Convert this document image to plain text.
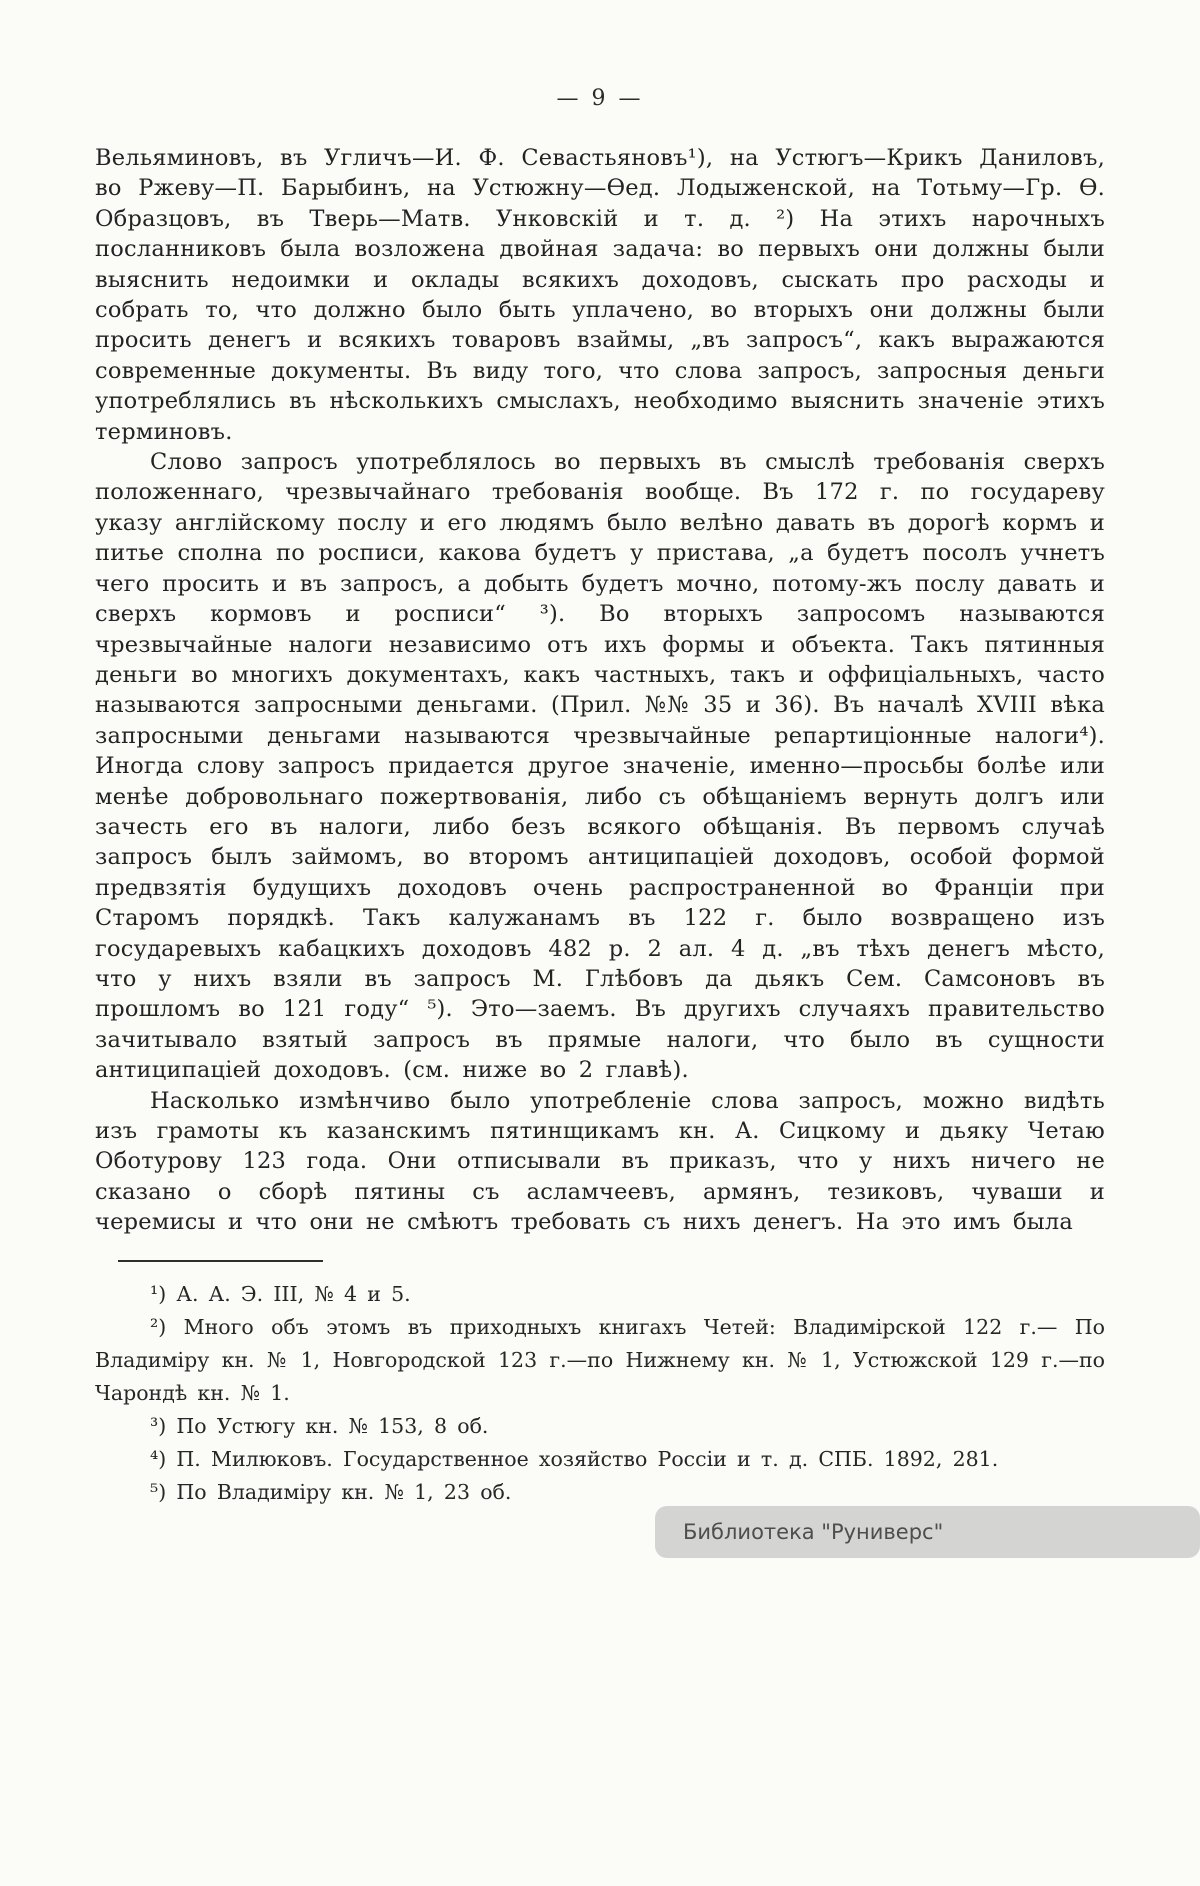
— 9 —

Вельяминовъ, въ Угличъ—И. Ф. Севастьяновъ¹), на Устюгъ—Крикъ Даниловъ, во Ржеву—П. Барыбинъ, на Устюжну—Ѳед. Лодыженской, на Тотьму—Гр. Ѳ. Образцовъ, въ Тверь—Матв. Унковскій и т. д. ²) На этихъ нарочныхъ посланниковъ была возложена двойная задача: во первыхъ они должны были выяснить недоимки и оклады всякихъ доходовъ, сыскать про расходы и собрать то, что должно было быть уплачено, во вторыхъ они должны были просить денегъ и всякихъ товаровъ взаймы, „въ запросъ“, какъ выражаются современные документы. Въ виду того, что слова запросъ, запросныя деньги употреблялись въ нѣсколькихъ смыслахъ, необходимо выяснить значеніе этихъ терминовъ.

Слово запросъ употреблялось во первыхъ въ смыслѣ требованія сверхъ положеннаго, чрезвычайнаго требованія вообще. Въ 172 г. по государеву указу англійскому послу и его людямъ было велѣно давать въ дорогѣ кормъ и питье сполна по росписи, какова будетъ у пристава, „а будетъ посолъ учнетъ чего просить и въ запросъ, а добыть будетъ мочно, потому-жъ послу давать и сверхъ кормовъ и росписи“ ³). Во вторыхъ запросомъ называются чрезвычайные налоги независимо отъ ихъ формы и объекта. Такъ пятинныя деньги во многихъ документахъ, какъ частныхъ, такъ и оффиціальныхъ, часто называются запросными деньгами. (Прил. №№ 35 и 36). Въ началѣ XVIII вѣка запросными деньгами называются чрезвычайные репартиціонные налоги⁴). Иногда слову запросъ придается другое значеніе, именно—просьбы болѣе или менѣе добровольнаго пожертвованія, либо съ обѣщаніемъ вернуть долгъ или зачесть его въ налоги, либо безъ всякого обѣщанія. Въ первомъ случаѣ запросъ былъ займомъ, во второмъ антиципаціей доходовъ, особой формой предвзятія будущихъ доходовъ очень распространенной во Франціи при Старомъ порядкѣ. Такъ калужанамъ въ 122 г. было возвращено изъ государевыхъ кабацкихъ доходовъ 482 р. 2 ал. 4 д. „въ тѣхъ денегъ мѣсто, что у нихъ взяли въ запросъ М. Глѣбовъ да дьякъ Сем. Самсоновъ въ прошломъ во 121 году“ ⁵). Это—заемъ. Въ другихъ случаяхъ правительство зачитывало взятый запросъ въ прямые налоги, что было въ сущности антиципаціей доходовъ. (см. ниже во 2 главѣ).

Насколько измѣнчиво было употребленіе слова запросъ, можно видѣть изъ грамоты къ казанскимъ пятинщикамъ кн. А. Сицкому и дьяку Четаю Оботурову 123 года. Они отписывали въ приказъ, что у нихъ ничего не сказано о сборѣ пятины съ асламчеевъ, армянъ, тезиковъ, чуваши и черемисы и что они не смѣютъ требовать съ нихъ денегъ. На это имъ была

¹) А. А. Э. III, № 4 и 5.

²) Много объ этомъ въ приходныхъ книгахъ Четей: Владимірской 122 г.— По Владиміру кн. № 1, Новгородской 123 г.—по Нижнему кн. № 1, Устюжской 129 г.—по Чарондѣ кн. № 1.

³) По Устюгу кн. № 153, 8 об.

⁴) П. Милюковъ. Государственное хозяйство Россіи и т. д. СПБ. 1892, 281.

⁵) По Владиміру кн. № 1, 23 об.

Библиотека "Руниверс"
